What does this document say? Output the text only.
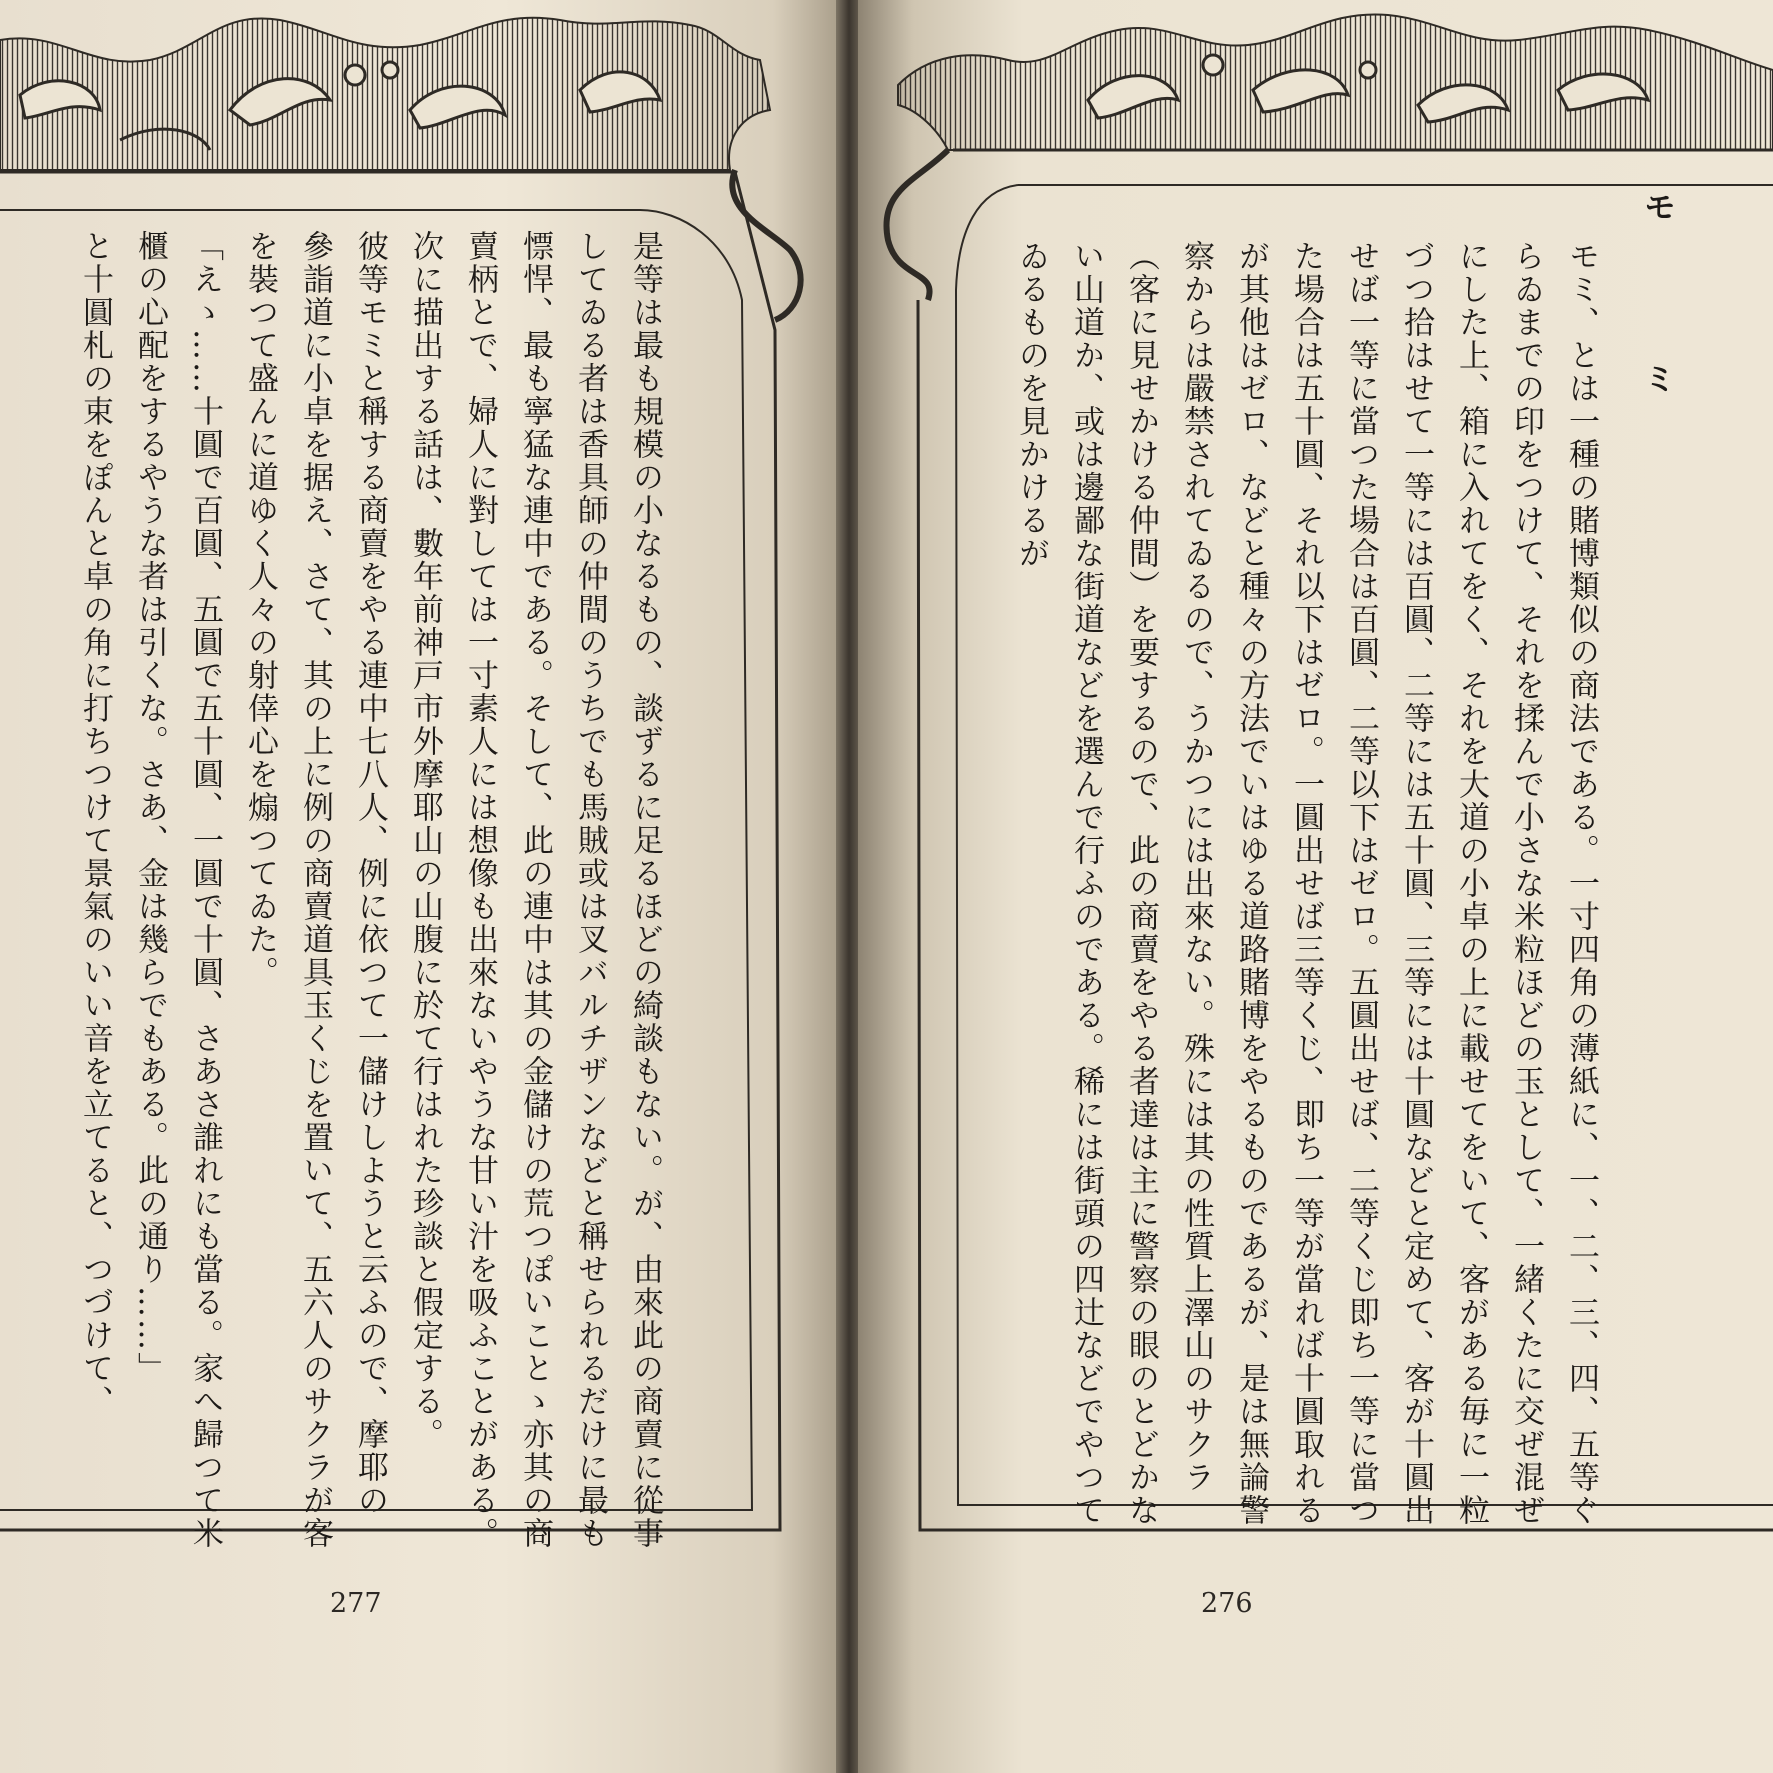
是等は最も規模の小なるもの、談ずるに足るほどの綺談もない。が、由來此の商賣に從事
してゐる者は香具師の仲間のうちでも馬賊或は叉バルチザンなどと稱せられるだけに最も
慓悍、最も寧猛な連中である。そして、此の連中は其の金儲けの荒つぽいことゝ亦其の商
賣柄とで、婦人に對しては一寸素人には想像も出來ないやうな甘い汁を吸ふことがある。
次に描出する話は、數年前神戸市外摩耶山の山腹に於て行はれた珍談と假定する。
彼等モミと稱する商賣をやる連中七八人、例に依つて一儲けしようと云ふので、摩耶の
參詣道に小卓を据え、さて、其の上に例の商賣道具玉くじを置いて、五六人のサクラが客
を裝つて盛んに道ゆく人々の射倖心を煽つてゐた。
「えゝ……十圓で百圓、五圓で五十圓、一圓で十圓、さあさ誰れにも當る。家へ歸つて米
櫃の心配をするやうな者は引くな。さあ、金は幾らでもある。此の通り……」
と十圓札の束をぽんと卓の角に打ちつけて景氣のいい音を立てると、つづけて、
277
モミ
モミ、とは一種の賭博類似の商法である。一寸四角の薄紙に、一、二、三、四、五等ぐらゐまでの印をつけて、それを揉んで小さな米粒ほどの玉として、一緒くたに交ぜ混ぜにした上、箱に入れてをく、それを大道の小卓の上に載せてをいて、客がある毎に一粒づつ拾はせて一等には百圓、二等には五十圓、三等には十圓などと定めて、客が十圓出せば一等に當つた場合は百圓、二等以下はゼロ。五圓出せば、二等くじ即ち一等に當つた場合は五十圓、それ以下はゼロ。一圓出せば三等くじ、即ち一等が當れば十圓取れるが其他はゼロ、などと種々の方法でいはゆる道路賭博をやるものであるが、是は無論警察からは嚴禁されてゐるので、うかつには出來ない。殊には其の性質上澤山のサクラ（客に見せかける仲間）を要するので、此の商賣をやる者達は主に警察の眼のとどかない山道か、或は邊鄙な街道などを選んで行ふのである。稀には街頭の四辻などでやつてゐるものを見かけるが
276
